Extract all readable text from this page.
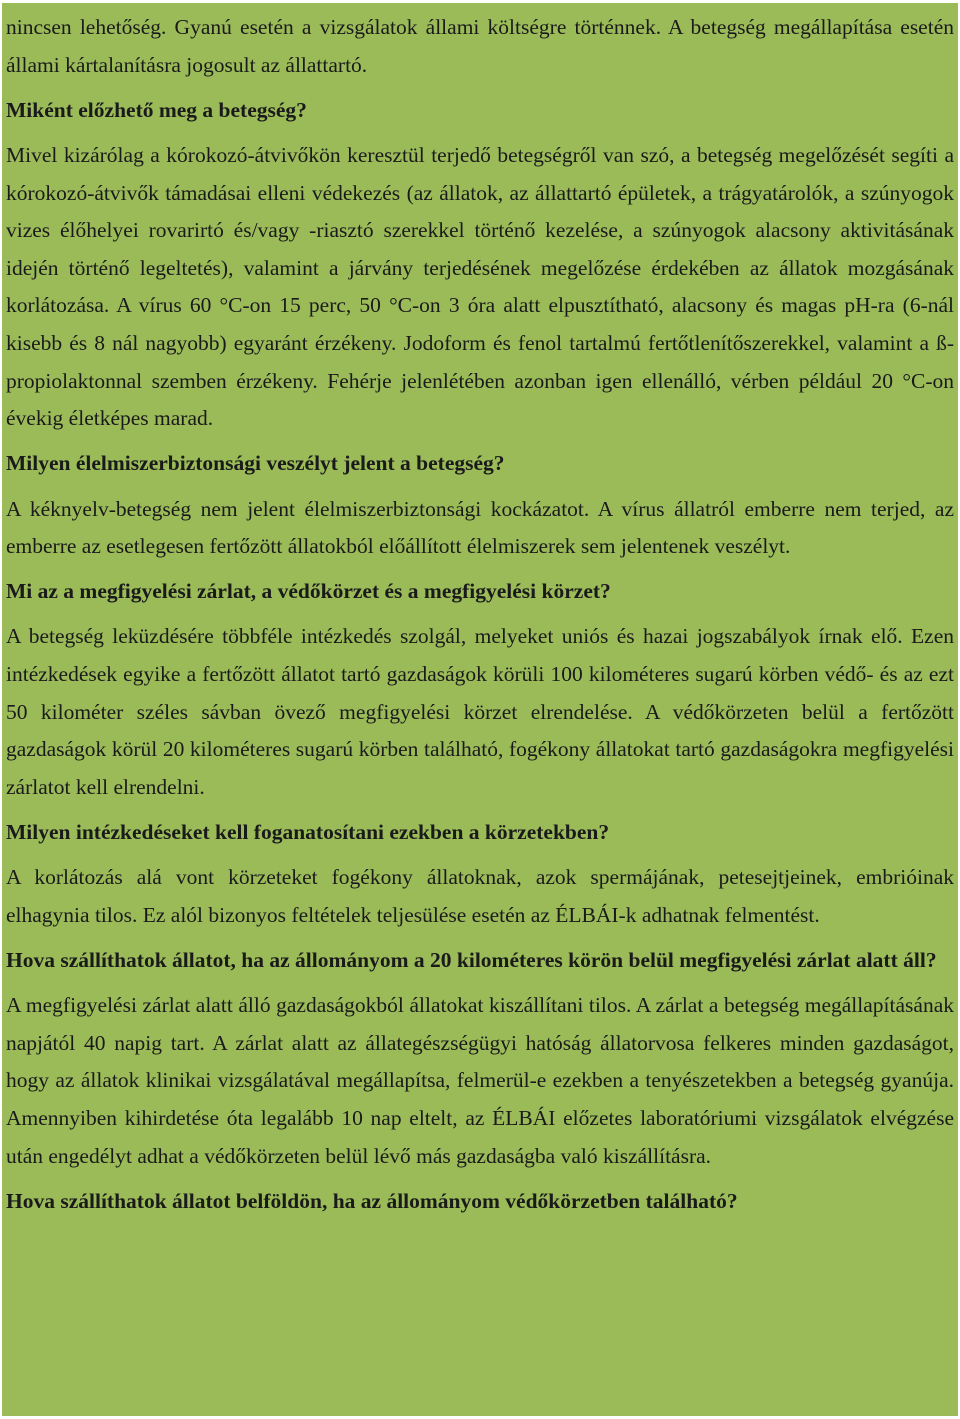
nincsen lehetőség. Gyanú esetén a vizsgálatok állami költségre történnek. A betegség megállapítása esetén állami kártalanításra jogosult az állattartó.

Miként előzhető meg a betegség?

Mivel kizárólag a kórokozó-átvivőkön keresztül terjedő betegségről van szó, a betegség megelőzését segíti a kórokozó-átvivők támadásai elleni védekezés (az állatok, az állattartó épületek, a trágyatárolók, a szúnyogok vizes élőhelyei rovarirtó és/vagy -riasztó szerekkel történő kezelése, a szúnyogok alacsony aktivitásának idején történő legeltetés), valamint a járvány terjedésének megelőzése érdekében az állatok mozgásának korlátozása. A vírus 60 °C-on 15 perc, 50 °C-on 3 óra alatt elpusztítható, alacsony és magas pH-ra (6-nál kisebb és 8 nál nagyobb) egyaránt érzékeny. Jodoform és fenol tartalmú fertőtlenítőszerekkel, valamint a ß-propiolaktonnal szemben érzékeny. Fehérje jelenlétében azonban igen ellenálló, vérben például 20 °C-on évekig életképes marad.

Milyen élelmiszerbiztonsági veszélyt jelent a betegség?

A kéknyelv-betegség nem jelent élelmiszerbiztonsági kockázatot. A vírus állatról emberre nem terjed, az emberre az esetlegesen fertőzött állatokból előállított élelmiszerek sem jelentenek veszélyt.

Mi az a megfigyelési zárlat, a védőkörzet és a megfigyelési körzet?

A betegség leküzdésére többféle intézkedés szolgál, melyeket uniós és hazai jogszabályok írnak elő. Ezen intézkedések egyike a fertőzött állatot tartó gazdaságok körüli 100 kilométeres sugarú körben védő- és az ezt 50 kilométer széles sávban övező megfigyelési körzet elrendelése. A védőkörzeten belül a fertőzött gazdaságok körül 20 kilométeres sugarú körben található, fogékony állatokat tartó gazdaságokra megfigyelési zárlatot kell elrendelni.

Milyen intézkedéseket kell foganatosítani ezekben a körzetekben?

A korlátozás alá vont körzeteket fogékony állatoknak, azok spermájának, petesejtjeinek, embrióinak elhagynia tilos. Ez alól bizonyos feltételek teljesülése esetén az ÉLBÁI-k adhatnak felmentést.

Hova szállíthatok állatot, ha az állományom a 20 kilométeres körön belül megfigyelési zárlat alatt áll?

A megfigyelési zárlat alatt álló gazdaságokból állatokat kiszállítani tilos. A zárlat a betegség megállapításának napjától 40 napig tart. A zárlat alatt az állategészségügyi hatóság állatorvosa felkeres minden gazdaságot, hogy az állatok klinikai vizsgálatával megállapítsa, felmerül-e ezekben a tenyészetekben a betegség gyanúja. Amennyiben kihirdetése óta legalább 10 nap eltelt, az ÉLBÁI előzetes laboratóriumi vizsgálatok elvégzése után engedélyt adhat a védőkörzeten belül lévő más gazdaságba való kiszállításra.

Hova szállíthatok állatot belföldön, ha az állományom védőkörzetben található?
